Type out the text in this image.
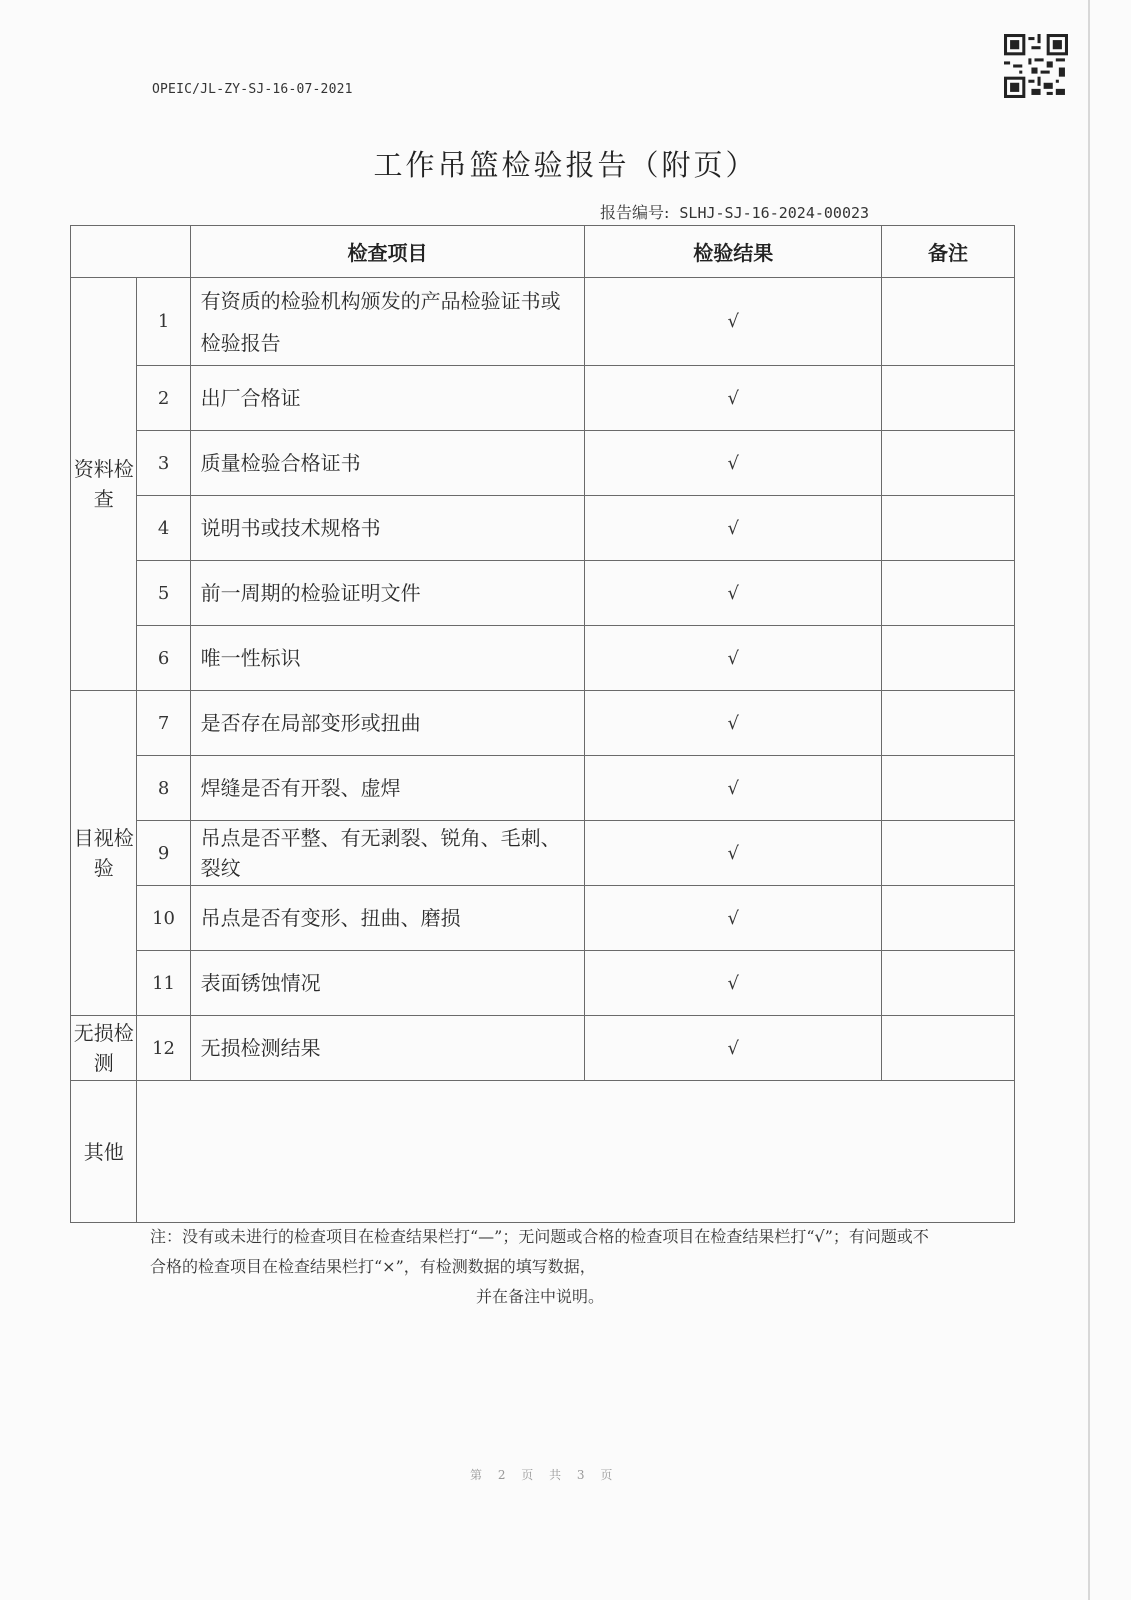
OPEIC/JL-ZY-SJ-16-07-2021
工作吊篮检验报告（附页）
报告编号: SLHJ-SJ-16-2024-00023
		检查项目	检验结果	备注
资料检查	1	有资质的检验机构颁发的产品检验证书或检验报告	√	
	2	出厂合格证	√	
	3	质量检验合格证书	√	
	4	说明书或技术规格书	√	
	5	前一周期的检验证明文件	√	
	6	唯一性标识	√	
目视检验	7	是否存在局部变形或扭曲	√	
	8	焊缝是否有开裂、虚焊	√	
	9	吊点是否平整、有无剥裂、锐角、毛刺、裂纹	√	
	10	吊点是否有变形、扭曲、磨损	√	
	11	表面锈蚀情况	√	
无损检测	12	无损检测结果	√	
其他				
注：没有或未进行的检查项目在检查结果栏打“—”；无问题或合格的检查项目在检查结果栏打“√”；有问题或不合格的检查项目在检查结果栏打“×”，有检测数据的填写数据，
并在备注中说明。
第 2 页 共 3 页
